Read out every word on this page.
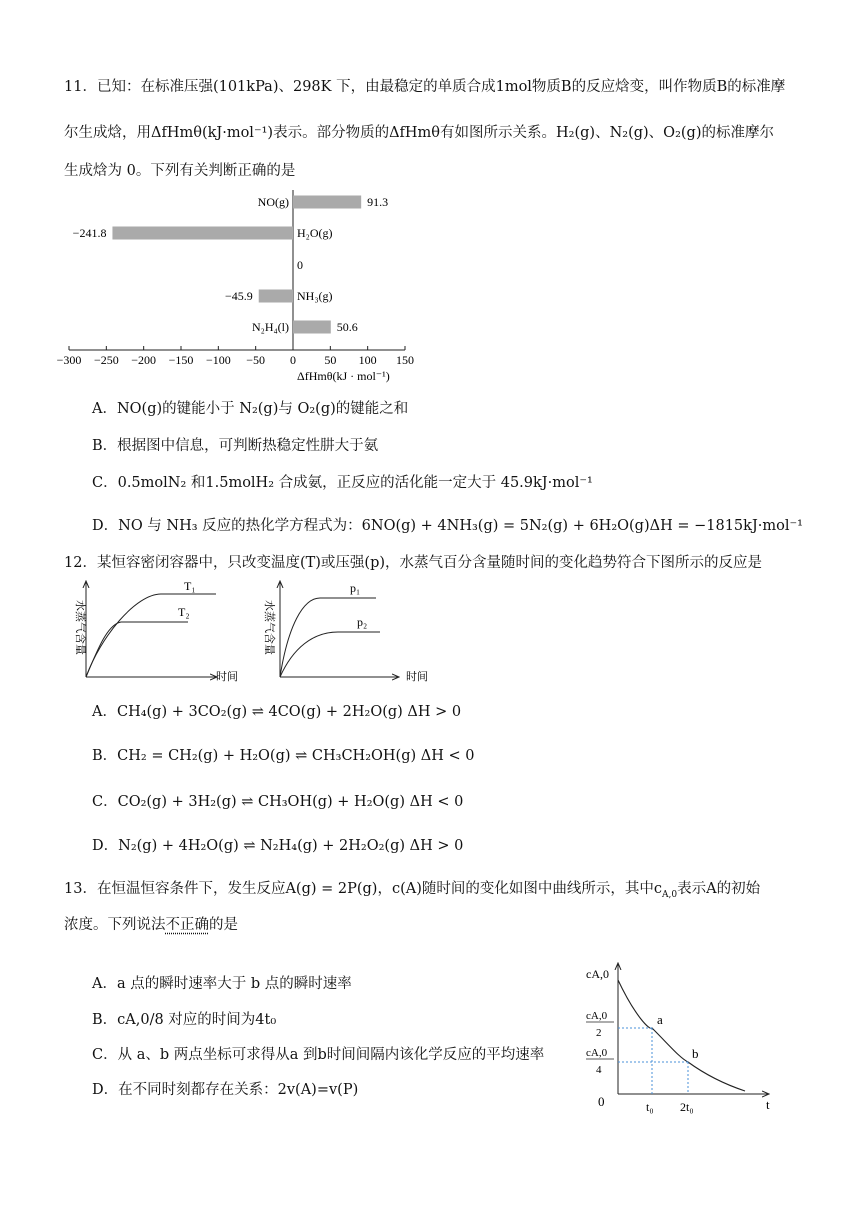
11．已知：在标准压强(101kPa)、298K 下，由最稳定的单质合成1mol物质B的反应焓变，叫作物质B的标准摩
尔生成焓，用ΔfHmθ(kJ·mol⁻¹)表示。部分物质的ΔfHmθ有如图所示关系。H₂(g)、N₂(g)、O₂(g)的标准摩尔
生成焓为 0。下列有关判断正确的是
−300 −250 −200 −150 −100 −50 0 50 100 150
NO(g)	91.3
H₂O(g)
−241.8
0
NH₃(g)
−45.9
N₂H₄(l)	50.6
ΔfHmθ(kJ · mol⁻¹)
A．NO(g)的键能小于 N₂(g)与 O₂(g)的键能之和
B．根据图中信息，可判断热稳定性肼大于氨
C．0.5molN₂ 和1.5molH₂ 合成氨，正反应的活化能一定大于 45.9kJ·mol⁻¹
D．NO 与 NH₃ 反应的热化学方程式为：6NO(g) + 4NH₃(g) = 5N₂(g) + 6H₂O(g)ΔH = −1815kJ·mol⁻¹
12．某恒容密闭容器中，只改变温度(T)或压强(p)，水蒸气百分含量随时间的变化趋势符合下图所示的反应是
T₁
T₂
水蒸气含量
时间
p₁
p₂
水蒸气含量
时间
A．CH₄(g) + 3CO₂(g) ⇌ 4CO(g) + 2H₂O(g) ΔH > 0
B．CH₂ = CH₂(g) + H₂O(g) ⇌ CH₃CH₂OH(g) ΔH < 0
C．CO₂(g) + 3H₂(g) ⇌ CH₃OH(g) + H₂O(g) ΔH < 0
D．N₂(g) + 4H₂O(g) ⇌ N₂H₄(g) + 2H₂O₂(g) ΔH > 0
13．在恒温恒容条件下，发生反应A(g) = 2P(g)，c(A)随时间的变化如图中曲线所示，其中$c_{A,0}$表示A的初始
浓度。下列说法不正确的是
A．a 点的瞬时速率大于 b 点的瞬时速率
B．cA,0/8 对应的时间为4t₀
C．从 a、b 两点坐标可求得从a 到b时间间隔内该化学反应的平均速率
D．在不同时刻都存在关系：2v(A)=v(P)
cA,0
cA,0
2
cA,0
4
0	t₀ 2t₀	t
a
b
